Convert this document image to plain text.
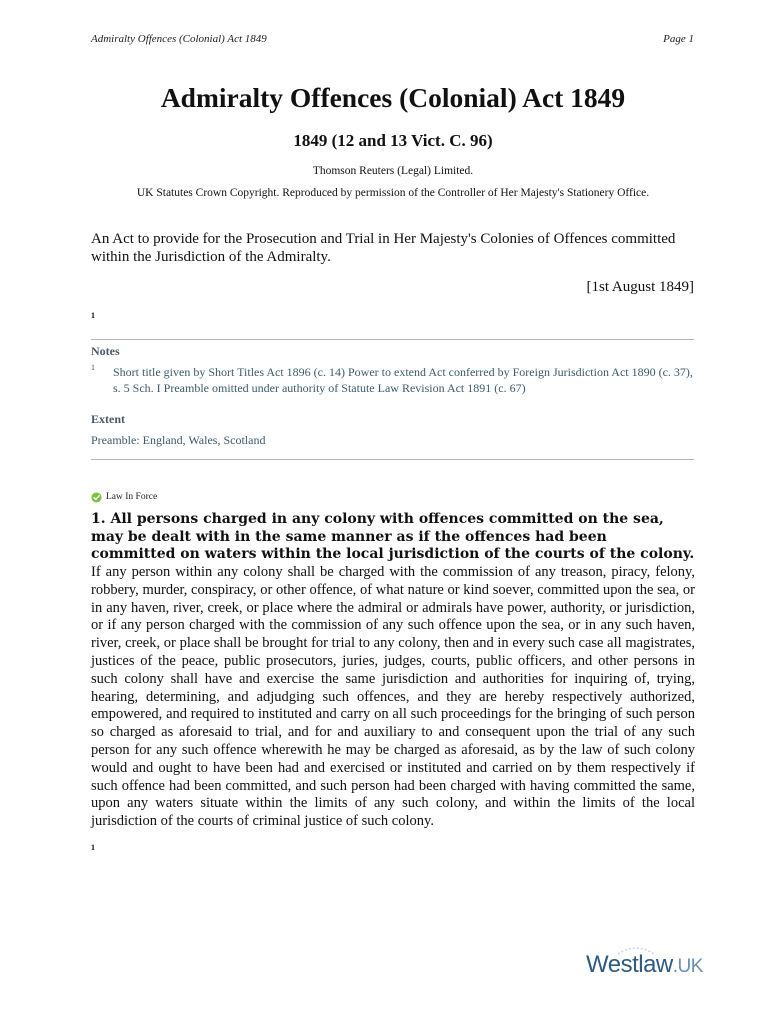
Admiralty Offences (Colonial) Act 1849	Page 1
Admiralty Offences (Colonial) Act 1849
1849 (12 and 13 Vict. C. 96)
Thomson Reuters (Legal) Limited.
UK Statutes Crown Copyright. Reproduced by permission of the Controller of Her Majesty's Stationery Office.
An Act to provide for the Prosecution and Trial in Her Majesty's Colonies of Offences committed within the Jurisdiction of the Admiralty.
[1st August 1849]
1
Notes
1 Short title given by Short Titles Act 1896 (c. 14) Power to extend Act conferred by Foreign Jurisdiction Act 1890 (c. 37), s. 5 Sch. I Preamble omitted under authority of Statute Law Revision Act 1891 (c. 67)
Extent
Preamble: England, Wales, Scotland
Law In Force
1. All persons charged in any colony with offences committed on the sea, may be dealt with in the same manner as if the offences had been committed on waters within the local jurisdiction of the courts of the colony.

If any person within any colony shall be charged with the commission of any treason, piracy, felony, robbery, murder, conspiracy, or other offence, of what nature or kind soever, committed upon the sea, or in any haven, river, creek, or place where the admiral or admirals have power, authority, or jurisdiction, or if any person charged with the commission of any such offence upon the sea, or in any such haven, river, creek, or place shall be brought for trial to any colony, then and in every such case all magistrates, justices of the peace, public prosecutors, juries, judges, courts, public officers, and other persons in such colony shall have and exercise the same jurisdiction and authorities for inquiring of, trying, hearing, determining, and adjudging such offences, and they are hereby respectively authorized, empowered, and required to instituted and carry on all such proceedings for the bringing of such person so charged as aforesaid to trial, and for and auxiliary to and consequent upon the trial of any such person for any such offence wherewith he may be charged as aforesaid, as by the law of such colony would and ought to have been had and exercised or instituted and carried on by them respectively if such offence had been committed, and such person had been charged with having committed the same, upon any waters situate within the limits of any such colony, and within the limits of the local jurisdiction of the courts of criminal justice of such colony.

1
Westlaw.UK
